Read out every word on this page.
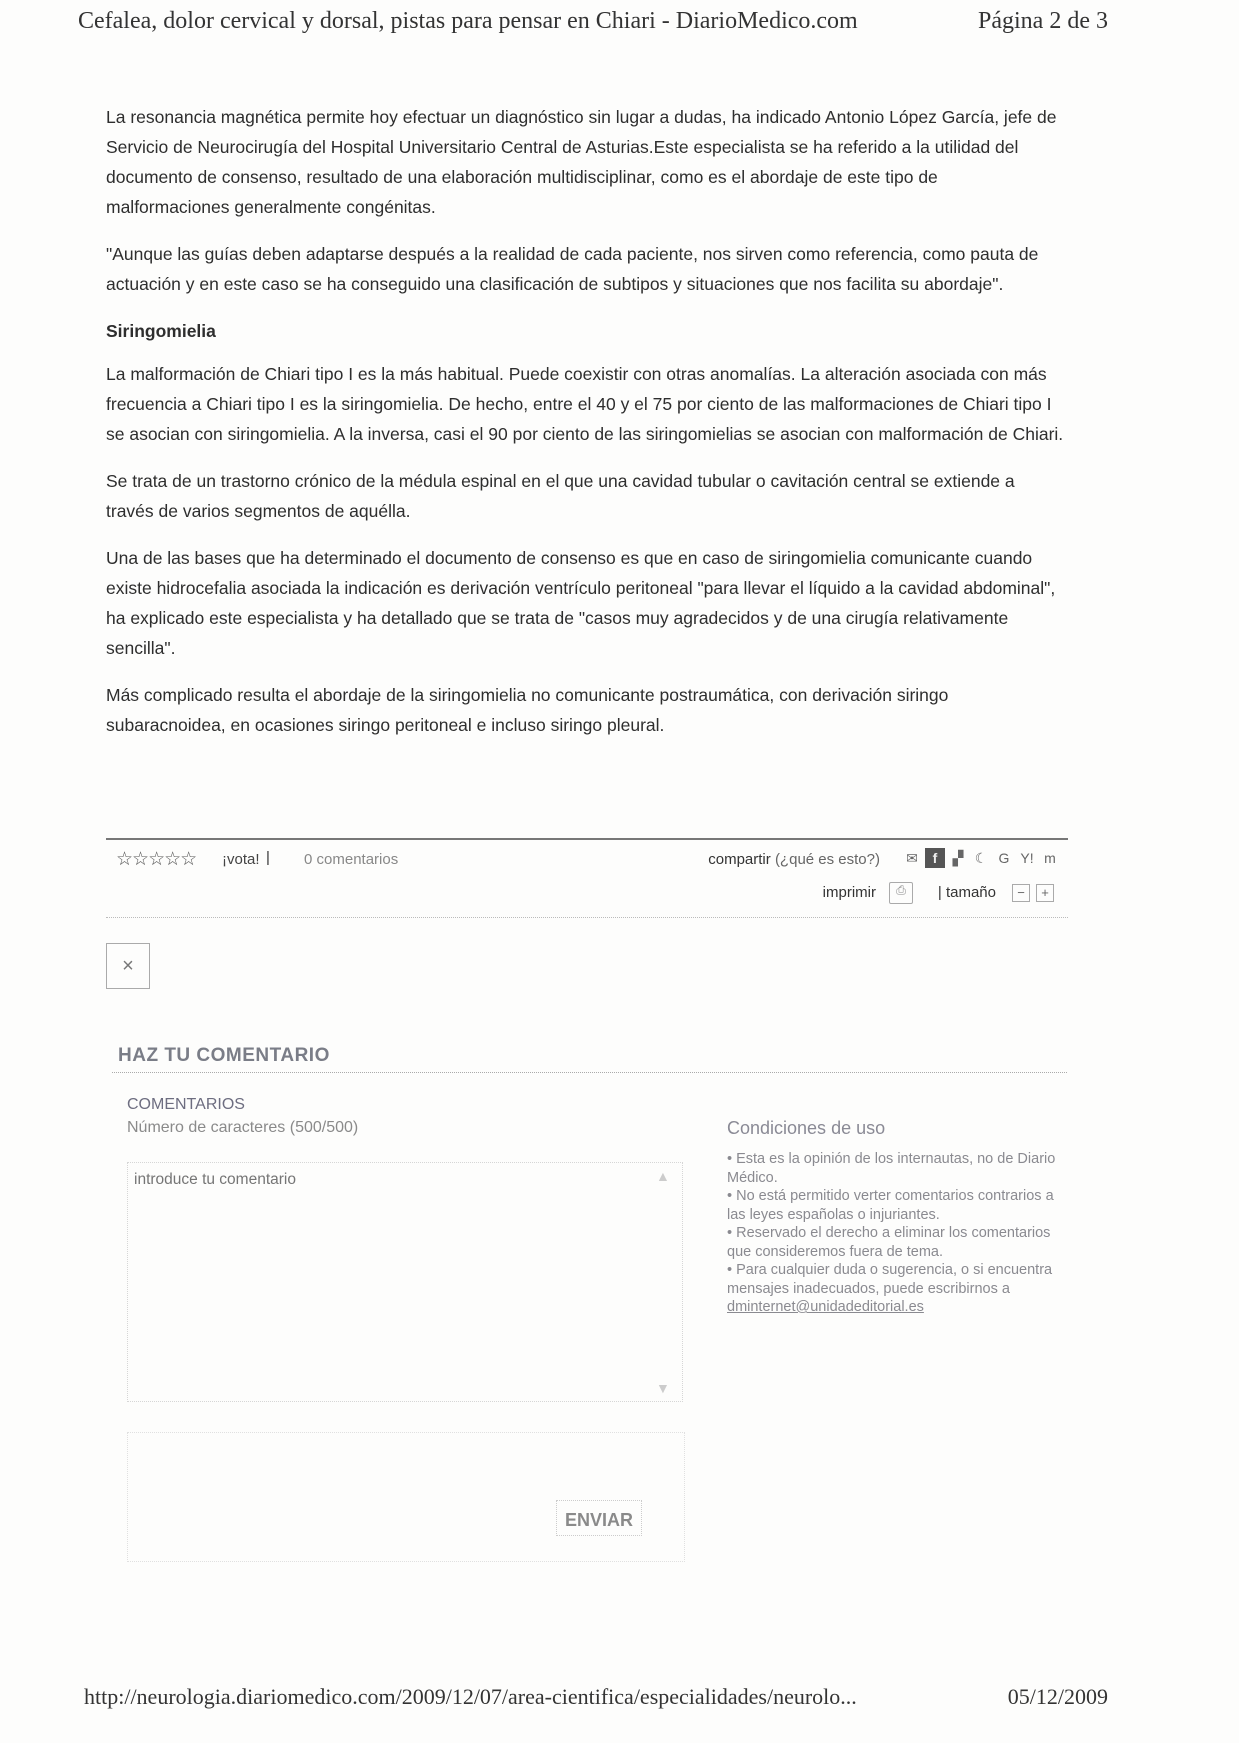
Cefalea, dolor cervical y dorsal, pistas para pensar en Chiari - DiarioMedico.com	Página 2 de 3

La resonancia magnética permite hoy efectuar un diagnóstico sin lugar a dudas, ha indicado Antonio López García, jefe de Servicio de Neurocirugía del Hospital Universitario Central de Asturias.Este especialista se ha referido a la utilidad del documento de consenso, resultado de una elaboración multidisciplinar, como es el abordaje de este tipo de malformaciones generalmente congénitas.

"Aunque las guías deben adaptarse después a la realidad de cada paciente, nos sirven como referencia, como pauta de actuación y en este caso se ha conseguido una clasificación de subtipos y situaciones que nos facilita su abordaje".

Siringomielia

La malformación de Chiari tipo I es la más habitual. Puede coexistir con otras anomalías. La alteración asociada con más frecuencia a Chiari tipo I es la siringomielia. De hecho, entre el 40 y el 75 por ciento de las malformaciones de Chiari tipo I se asocian con siringomielia. A la inversa, casi el 90 por ciento de las siringomielias se asocian con malformación de Chiari.

Se trata de un trastorno crónico de la médula espinal en el que una cavidad tubular o cavitación central se extiende a través de varios segmentos de aquélla.

Una de las bases que ha determinado el documento de consenso es que en caso de siringomielia comunicante cuando existe hidrocefalia asociada la indicación es derivación ventrículo peritoneal "para llevar el líquido a la cavidad abdominal", ha explicado este especialista y ha detallado que se trata de "casos muy agradecidos y de una cirugía relativamente sencilla".

Más complicado resulta el abordaje de la siringomielia no comunicante postraumática, con derivación siringo subaracnoidea, en ocasiones siringo peritoneal e incluso siringo pleural.

☆☆☆☆☆ ¡vota! | 0 comentarios	compartir (¿qué es esto?) ✉	f	▞ ☾ G Y! m
imprimir	⎙	| tamaño	−	+
×
HAZ TU COMENTARIO
COMENTARIOS
Número de caracteres (500/500)
introduce tu comentario
▲
▼
Condiciones de uso
• Esta es la opinión de los internautas, no de Diario Médico.
• No está permitido verter comentarios contrarios a las leyes españolas o injuriantes.
• Reservado el derecho a eliminar los comentarios que consideremos fuera de tema.
• Para cualquier duda o sugerencia, o si encuentra mensajes inadecuados, puede escribirnos a
dminternet@unidadeditorial.es
ENVIAR
http://neurologia.diariomedico.com/2009/12/07/area-cientifica/especialidades/neurolo...	05/12/2009
